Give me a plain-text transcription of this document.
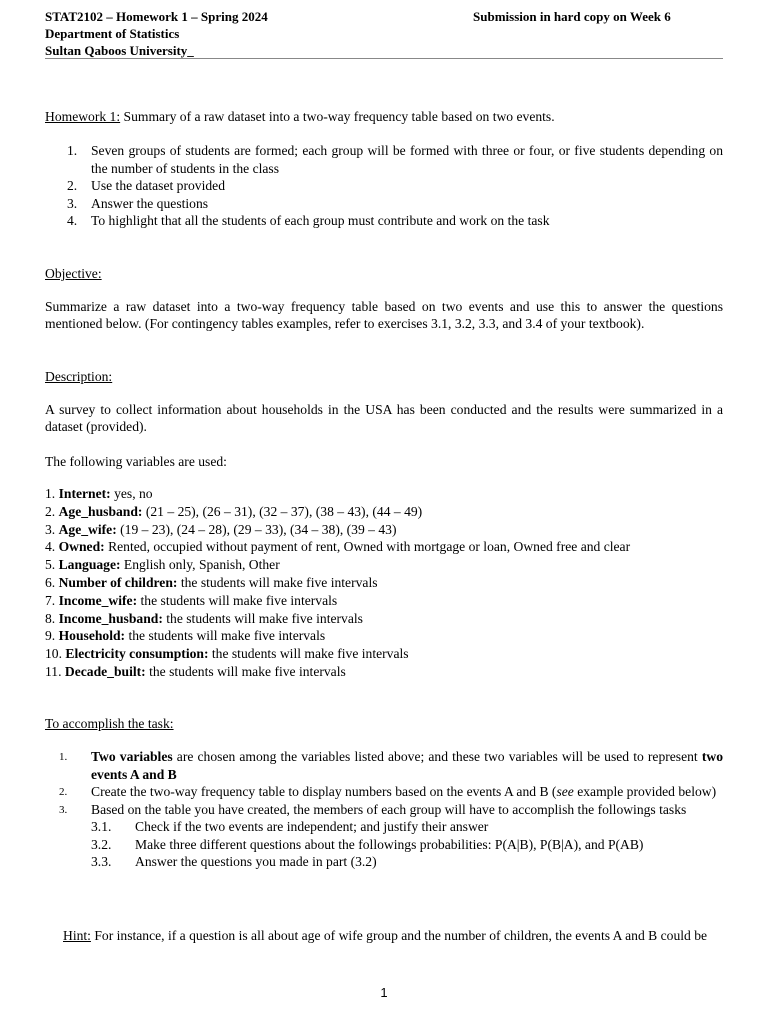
STAT2102 – Homework 1 – Spring 2024	Submission in hard copy on Week 6
Department of Statistics
Sultan Qaboos University_
Homework 1: Summary of a raw dataset into a two-way frequency table based on two events.
1. Seven groups of students are formed; each group will be formed with three or four, or five students depending on the number of students in the class
2. Use the dataset provided
3. Answer the questions
4. To highlight that all the students of each group must contribute and work on the task
Objective:
Summarize a raw dataset into a two-way frequency table based on two events and use this to answer the questions mentioned below. (For contingency tables examples, refer to exercises 3.1, 3.2, 3.3, and 3.4 of your textbook).
Description:
A survey to collect information about households in the USA has been conducted and the results were summarized in a dataset (provided).
The following variables are used:
1. Internet: yes, no
2. Age_husband: (21 – 25), (26 – 31), (32 – 37), (38 – 43), (44 – 49)
3. Age_wife: (19 – 23), (24 – 28), (29 – 33), (34 – 38), (39 – 43)
4. Owned: Rented, occupied without payment of rent, Owned with mortgage or loan, Owned free and clear
5. Language: English only, Spanish, Other
6. Number of children: the students will make five intervals
7. Income_wife: the students will make five intervals
8. Income_husband: the students will make five intervals
9. Household: the students will make five intervals
10. Electricity consumption: the students will make five intervals
11. Decade_built: the students will make five intervals
To accomplish the task:
1. Two variables are chosen among the variables listed above; and these two variables will be used to represent two events A and B
2. Create the two-way frequency table to display numbers based on the events A and B (see example provided below)
3. Based on the table you have created, the members of each group will have to accomplish the followings tasks
3.1. Check if the two events are independent; and justify their answer
3.2. Make three different questions about the followings probabilities: P(A|B), P(B|A), and P(AB)
3.3. Answer the questions you made in part (3.2)
Hint: For instance, if a question is all about age of wife group and the number of children, the events A and B could be
1
